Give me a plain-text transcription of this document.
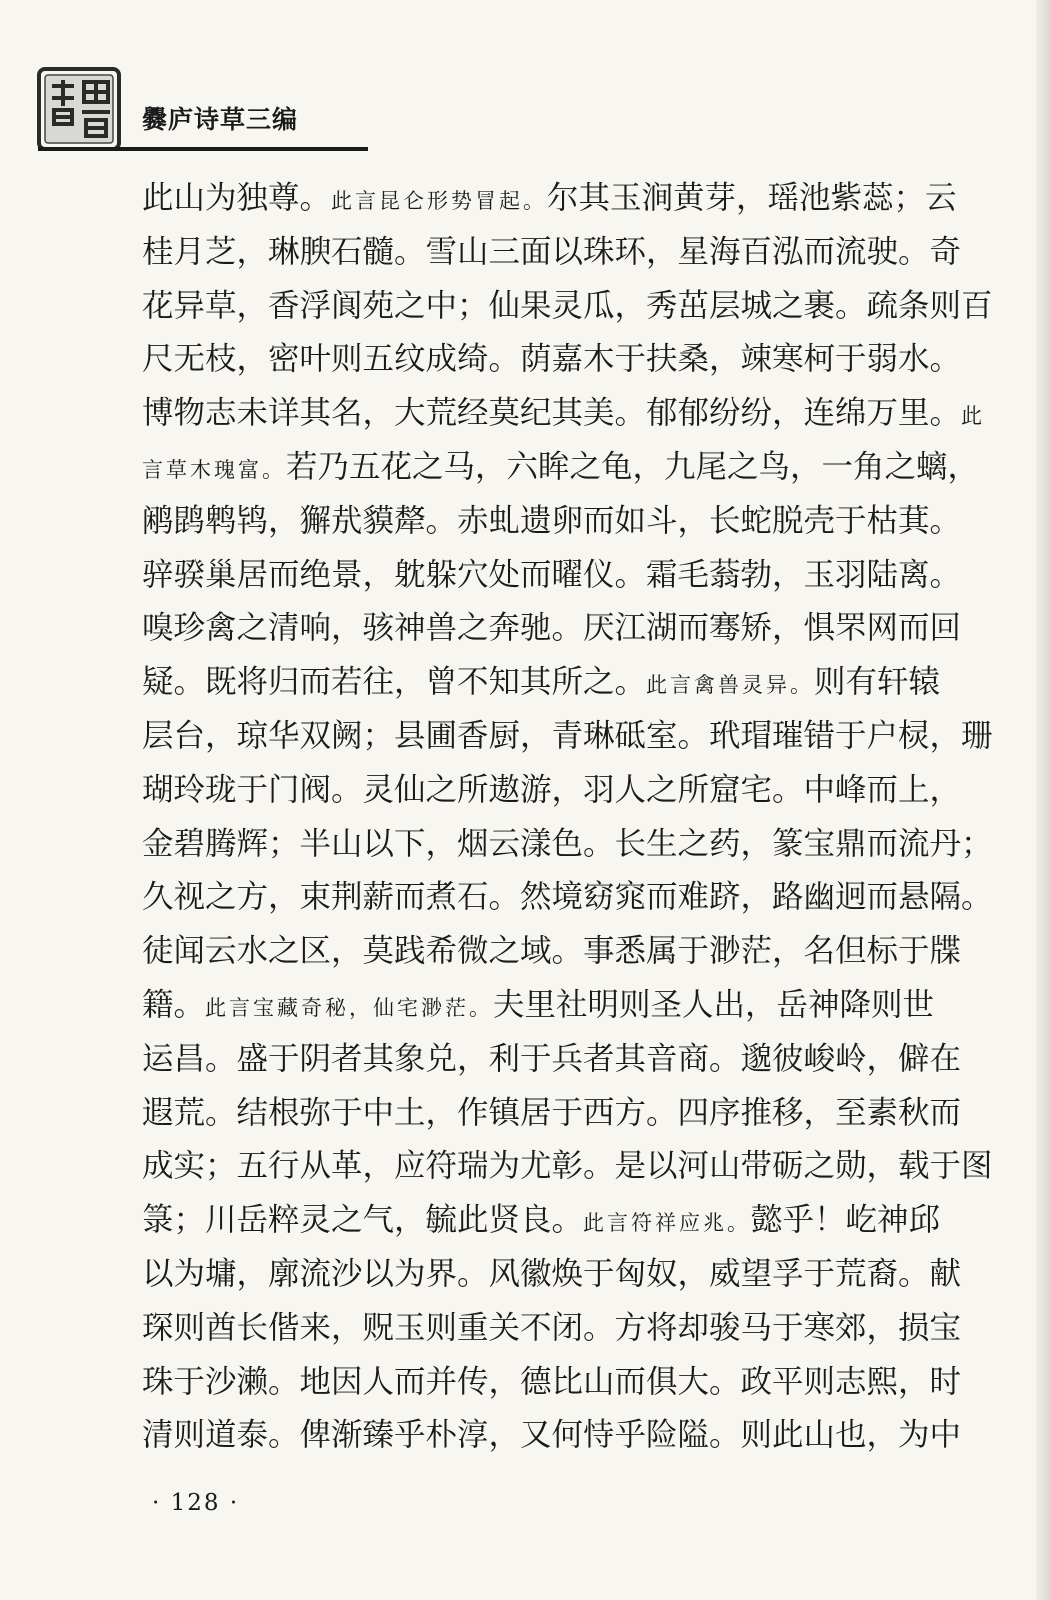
爨庐诗草三编
此山为独尊。此言昆仑形势冒起。尔其玉涧黄芽，瑶池紫蕊；云
桂月芝，琳腴石髓。雪山三面以珠环，星海百泓而流驶。奇
花异草，香浮阆苑之中；仙果灵瓜，秀茁层城之裹。疏条则百
尺无枝，密叶则五纹成绮。荫嘉木于扶桑，竦寒柯于弱水。
博物志未详其名，大荒经莫纪其美。郁郁纷纷，连绵万里。此
言草木瑰富。若乃五花之马，六眸之龟，九尾之鸟，一角之螭，
鹇鹍鹎鸨，獬㢤貘犛。赤虬遗卵而如斗，长蛇脱壳于枯萁。
骍骙巢居而绝景，躭躲穴处而曜仪。霜毛蓊勃，玉羽陆离。
嗅珍禽之清响，骇神兽之奔驰。厌江湖而骞矫，惧罘网而回
疑。既将归而若往，曾不知其所之。此言禽兽灵异。则有轩辕
层台，琼华双阙；县圃香厨，青琳砥室。玳瑁璀错于户棂，珊
瑚玲珑于门阀。灵仙之所遨游，羽人之所窟宅。中峰而上，
金碧腾辉；半山以下，烟云漾色。长生之药，篆宝鼎而流丹；
久视之方，束荆薪而煮石。然境窈窕而难跻，路幽迥而悬隔。
徒闻云水之区，莫践希微之域。事悉属于渺茫，名但标于牒
籍。此言宝藏奇秘，仙宅渺茫。夫里社明则圣人出，岳神降则世
运昌。盛于阴者其象兑，利于兵者其音商。邈彼峻岭，僻在
遐荒。结根弥于中土，作镇居于西方。四序推移，至素秋而
成实；五行从革，应符瑞为尤彰。是以河山带砺之勋，载于图
箓；川岳粹灵之气，毓此贤良。此言符祥应兆。懿乎！屹神邱
以为墉，廓流沙以为界。风徽焕于匈奴，威望孚于荒裔。献
琛则酋长偕来，贶玉则重关不闭。方将却骏马于寒郊，损宝
珠于沙濑。地因人而并传，德比山而俱大。政平则志熙，时
清则道泰。俾渐臻乎朴淳，又何恃乎险隘。则此山也，为中
· 128 ·
